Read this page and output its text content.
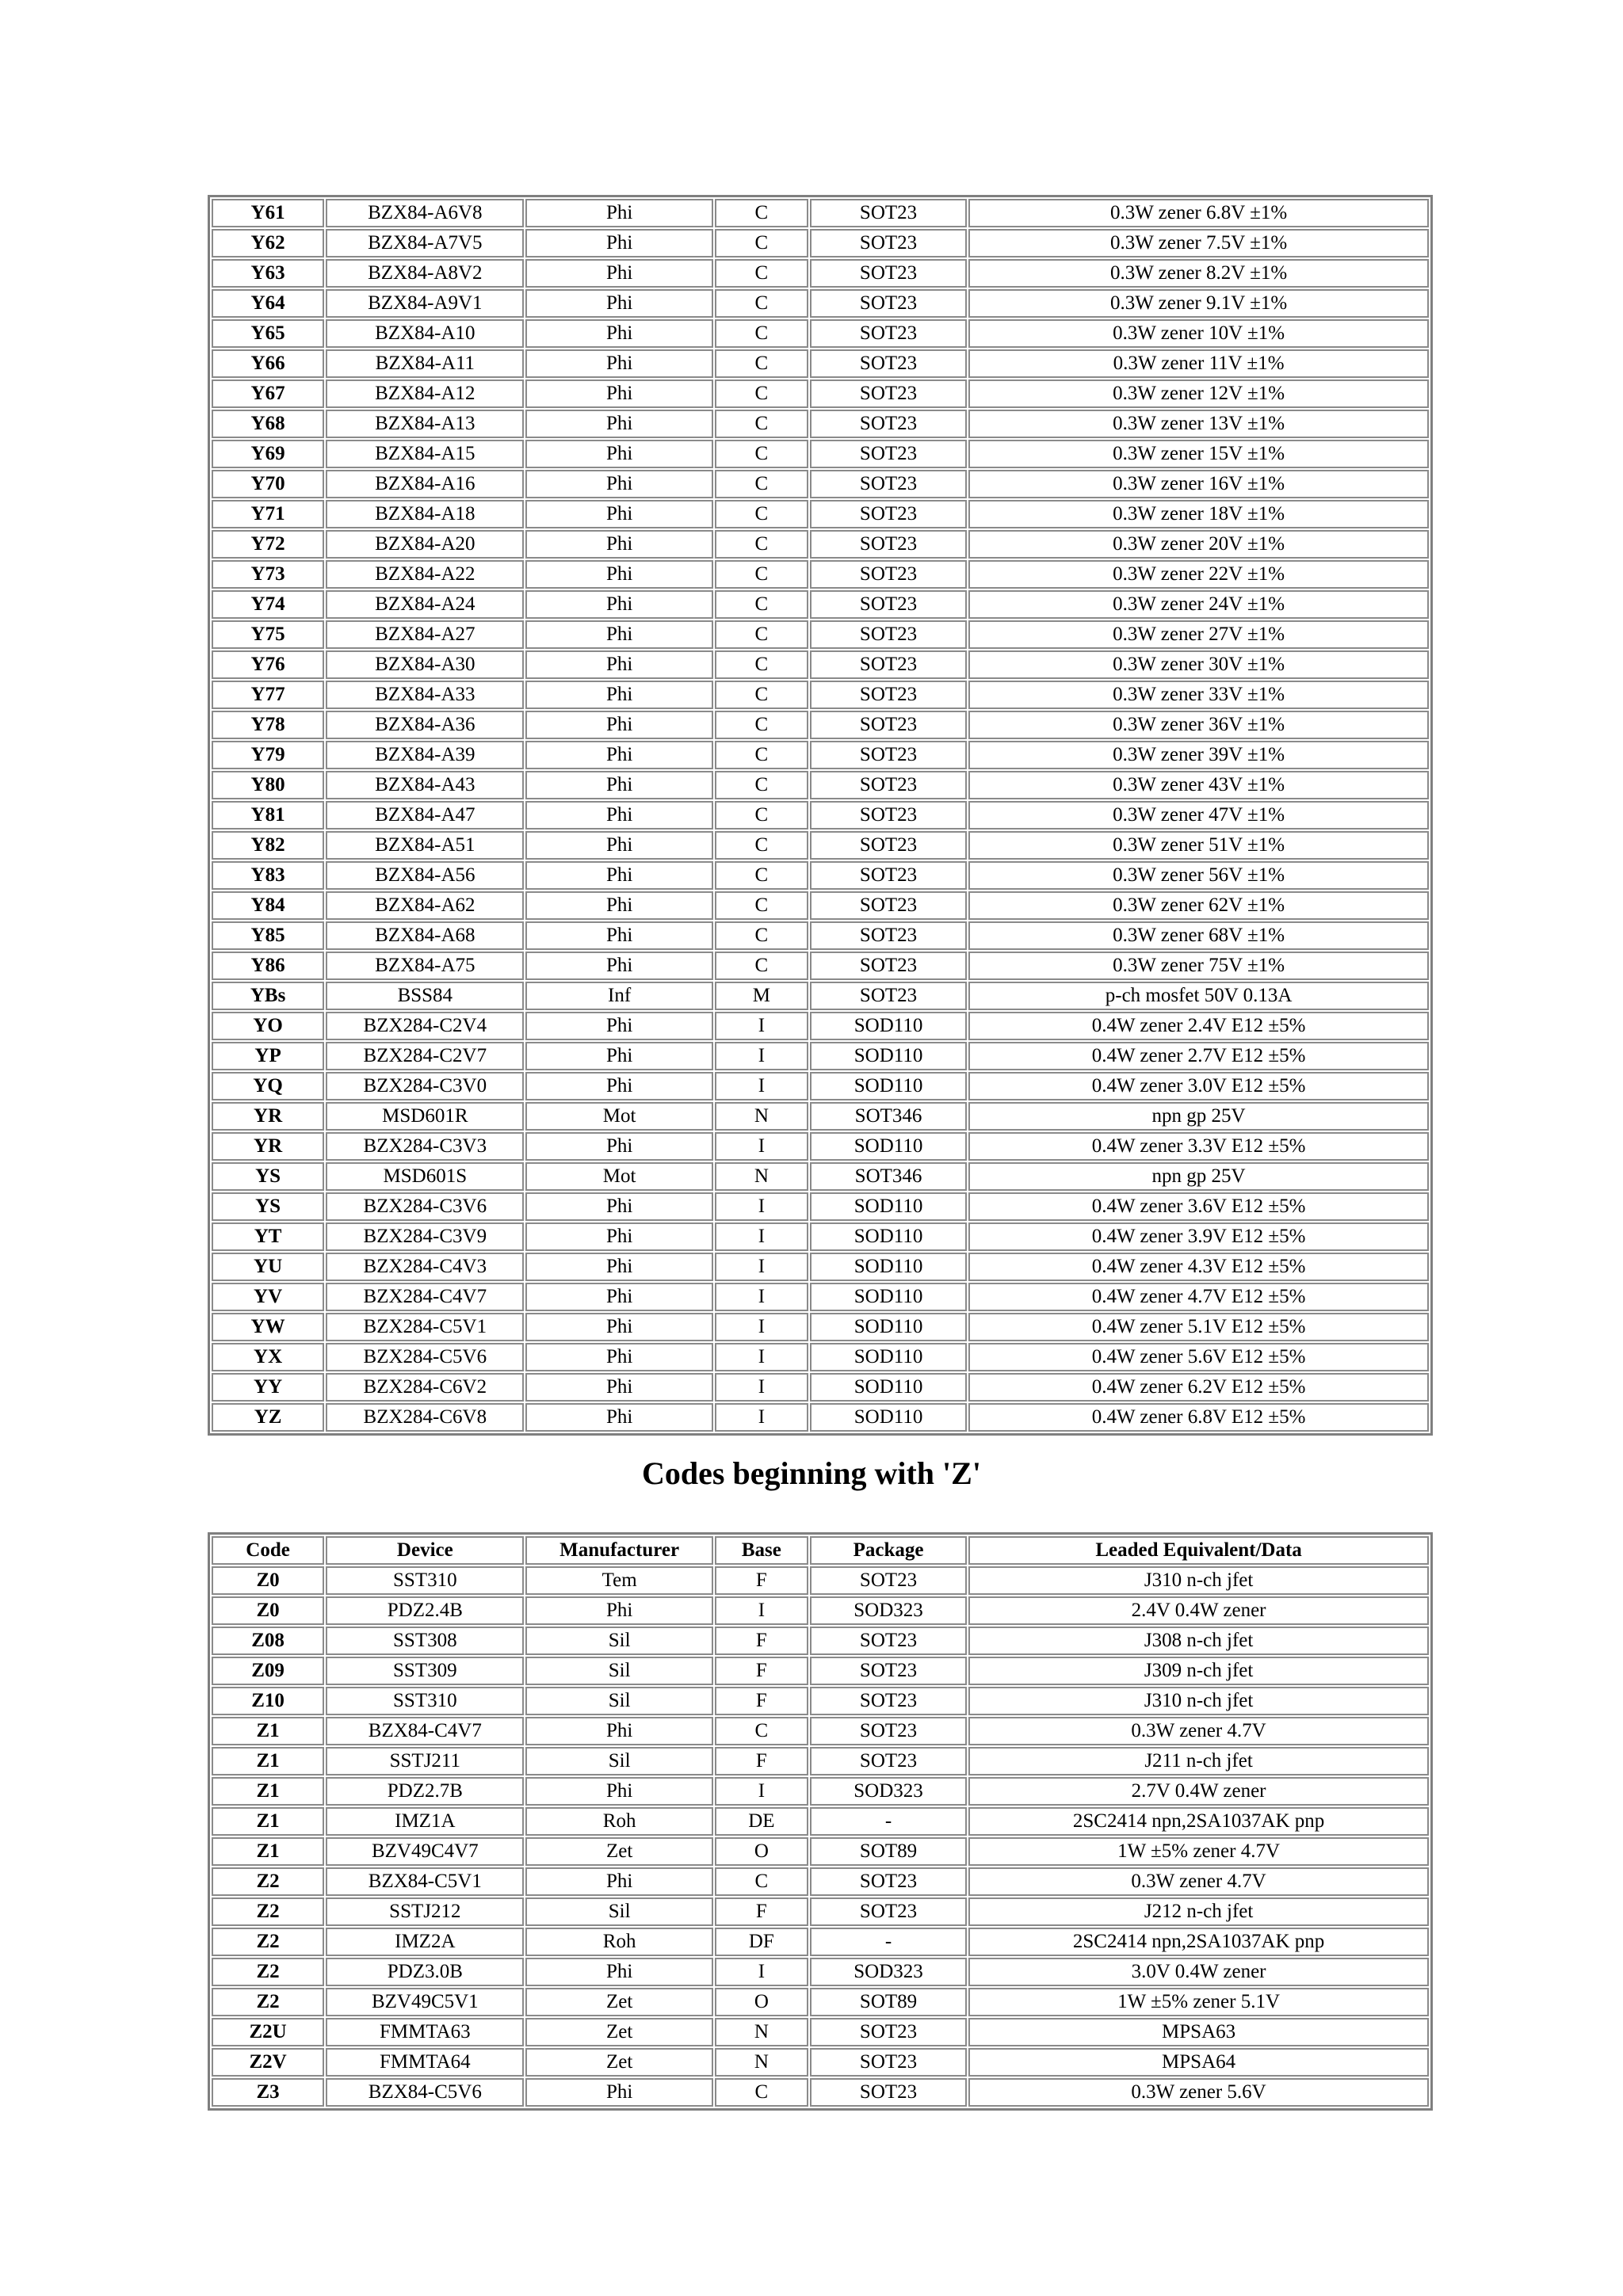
Y61	BZX84-A6V8	Phi	C	SOT23	0.3W zener 6.8V ±1%
Y62	BZX84-A7V5	Phi	C	SOT23	0.3W zener 7.5V ±1%
Y63	BZX84-A8V2	Phi	C	SOT23	0.3W zener 8.2V ±1%
Y64	BZX84-A9V1	Phi	C	SOT23	0.3W zener 9.1V ±1%
Y65	BZX84-A10	Phi	C	SOT23	0.3W zener 10V ±1%
Y66	BZX84-A11	Phi	C	SOT23	0.3W zener 11V ±1%
Y67	BZX84-A12	Phi	C	SOT23	0.3W zener 12V ±1%
Y68	BZX84-A13	Phi	C	SOT23	0.3W zener 13V ±1%
Y69	BZX84-A15	Phi	C	SOT23	0.3W zener 15V ±1%
Y70	BZX84-A16	Phi	C	SOT23	0.3W zener 16V ±1%
Y71	BZX84-A18	Phi	C	SOT23	0.3W zener 18V ±1%
Y72	BZX84-A20	Phi	C	SOT23	0.3W zener 20V ±1%
Y73	BZX84-A22	Phi	C	SOT23	0.3W zener 22V ±1%
Y74	BZX84-A24	Phi	C	SOT23	0.3W zener 24V ±1%
Y75	BZX84-A27	Phi	C	SOT23	0.3W zener 27V ±1%
Y76	BZX84-A30	Phi	C	SOT23	0.3W zener 30V ±1%
Y77	BZX84-A33	Phi	C	SOT23	0.3W zener 33V ±1%
Y78	BZX84-A36	Phi	C	SOT23	0.3W zener 36V ±1%
Y79	BZX84-A39	Phi	C	SOT23	0.3W zener 39V ±1%
Y80	BZX84-A43	Phi	C	SOT23	0.3W zener 43V ±1%
Y81	BZX84-A47	Phi	C	SOT23	0.3W zener 47V ±1%
Y82	BZX84-A51	Phi	C	SOT23	0.3W zener 51V ±1%
Y83	BZX84-A56	Phi	C	SOT23	0.3W zener 56V ±1%
Y84	BZX84-A62	Phi	C	SOT23	0.3W zener 62V ±1%
Y85	BZX84-A68	Phi	C	SOT23	0.3W zener 68V ±1%
Y86	BZX84-A75	Phi	C	SOT23	0.3W zener 75V ±1%
YBs	BSS84	Inf	M	SOT23	p-ch mosfet 50V 0.13A
YO	BZX284-C2V4	Phi	I	SOD110	0.4W zener 2.4V E12 ±5%
YP	BZX284-C2V7	Phi	I	SOD110	0.4W zener 2.7V E12 ±5%
YQ	BZX284-C3V0	Phi	I	SOD110	0.4W zener 3.0V E12 ±5%
YR	MSD601R	Mot	N	SOT346	npn gp 25V
YR	BZX284-C3V3	Phi	I	SOD110	0.4W zener 3.3V E12 ±5%
YS	MSD601S	Mot	N	SOT346	npn gp 25V
YS	BZX284-C3V6	Phi	I	SOD110	0.4W zener 3.6V E12 ±5%
YT	BZX284-C3V9	Phi	I	SOD110	0.4W zener 3.9V E12 ±5%
YU	BZX284-C4V3	Phi	I	SOD110	0.4W zener 4.3V E12 ±5%
YV	BZX284-C4V7	Phi	I	SOD110	0.4W zener 4.7V E12 ±5%
YW	BZX284-C5V1	Phi	I	SOD110	0.4W zener 5.1V E12 ±5%
YX	BZX284-C5V6	Phi	I	SOD110	0.4W zener 5.6V E12 ±5%
YY	BZX284-C6V2	Phi	I	SOD110	0.4W zener 6.2V E12 ±5%
YZ	BZX284-C6V8	Phi	I	SOD110	0.4W zener 6.8V E12 ±5%
Codes beginning with 'Z'
Code	Device	Manufacturer	Base	Package	Leaded Equivalent/Data
Z0	SST310	Tem	F	SOT23	J310 n-ch jfet
Z0	PDZ2.4B	Phi	I	SOD323	2.4V 0.4W zener
Z08	SST308	Sil	F	SOT23	J308 n-ch jfet
Z09	SST309	Sil	F	SOT23	J309 n-ch jfet
Z10	SST310	Sil	F	SOT23	J310 n-ch jfet
Z1	BZX84-C4V7	Phi	C	SOT23	0.3W zener 4.7V
Z1	SSTJ211	Sil	F	SOT23	J211 n-ch jfet
Z1	PDZ2.7B	Phi	I	SOD323	2.7V 0.4W zener
Z1	IMZ1A	Roh	DE	-	2SC2414 npn,2SA1037AK pnp
Z1	BZV49C4V7	Zet	O	SOT89	1W ±5% zener 4.7V
Z2	BZX84-C5V1	Phi	C	SOT23	0.3W zener 4.7V
Z2	SSTJ212	Sil	F	SOT23	J212 n-ch jfet
Z2	IMZ2A	Roh	DF	-	2SC2414 npn,2SA1037AK pnp
Z2	PDZ3.0B	Phi	I	SOD323	3.0V 0.4W zener
Z2	BZV49C5V1	Zet	O	SOT89	1W ±5% zener 5.1V
Z2U	FMMTA63	Zet	N	SOT23	MPSA63
Z2V	FMMTA64	Zet	N	SOT23	MPSA64
Z3	BZX84-C5V6	Phi	C	SOT23	0.3W zener 5.6V
